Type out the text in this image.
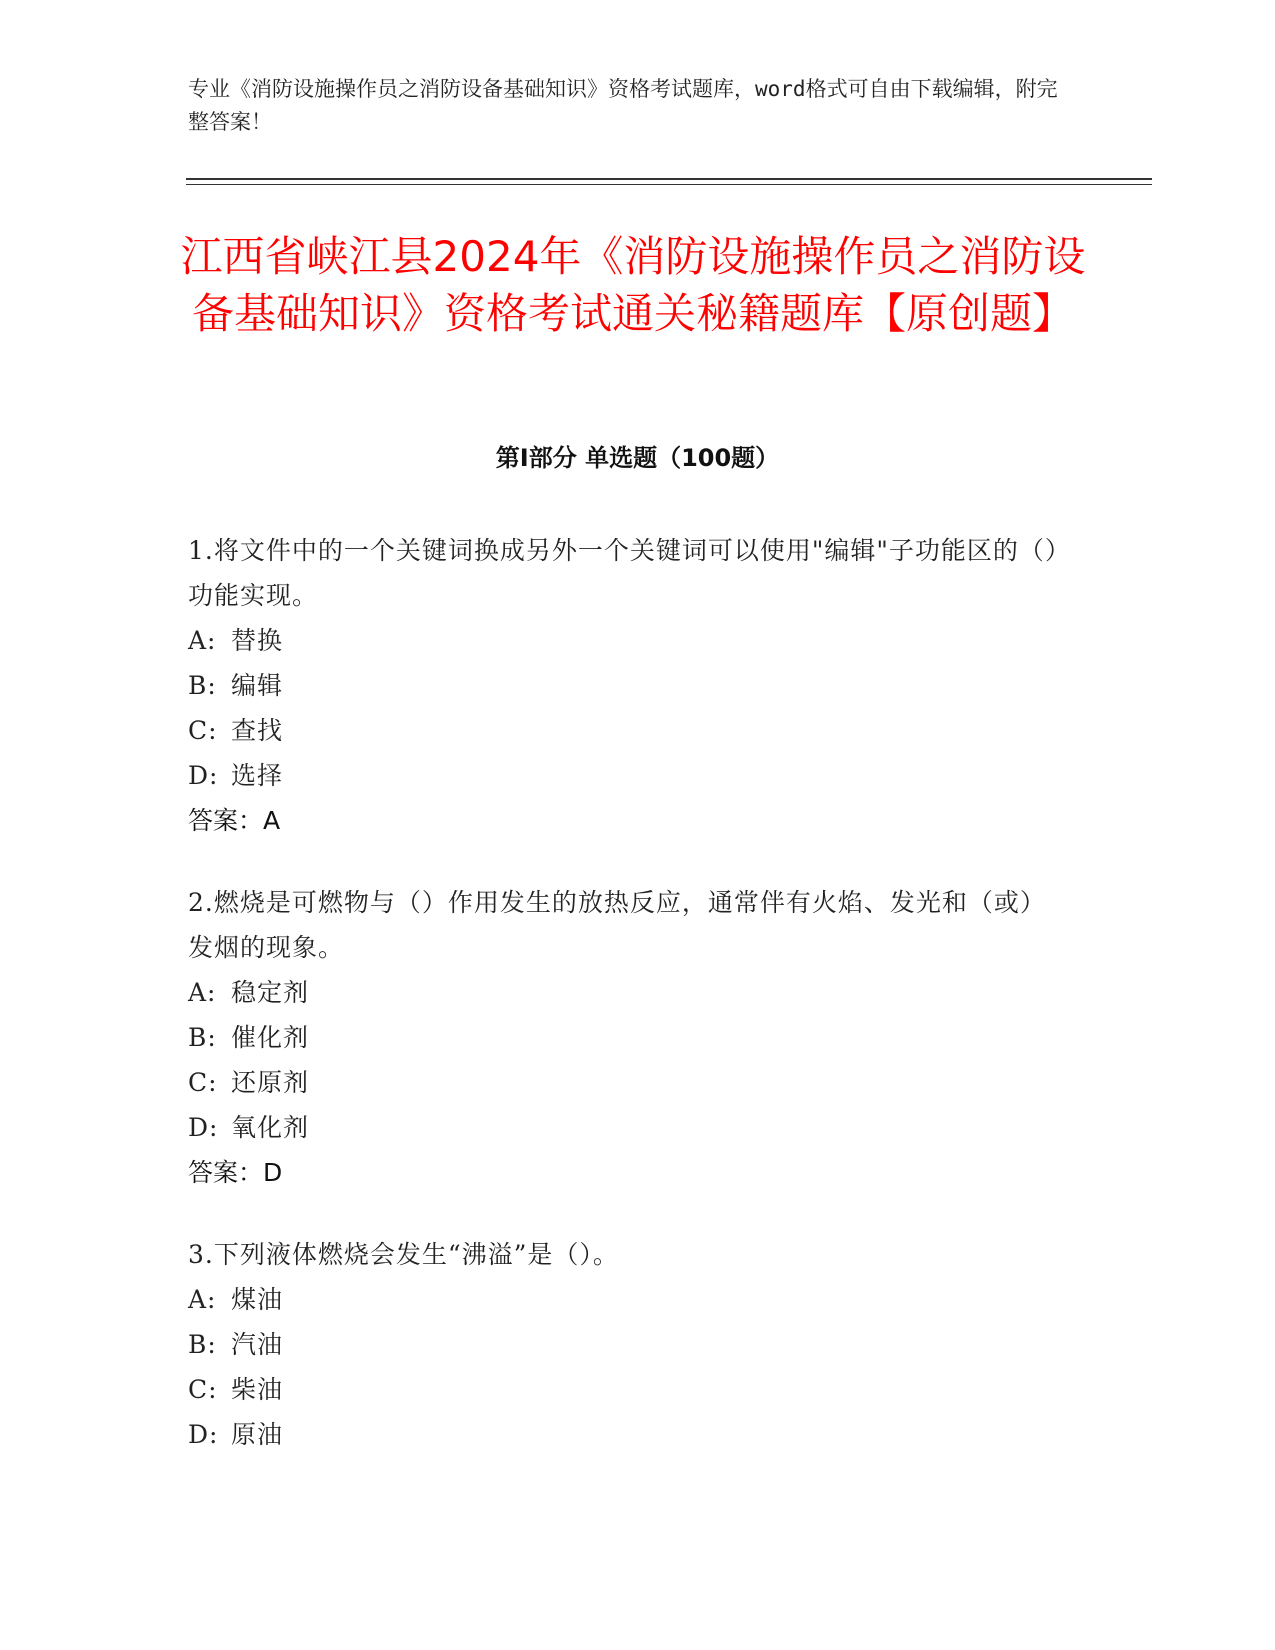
专业《消防设施操作员之消防设备基础知识》资格考试题库，word格式可自由下载编辑，附完整答案！
江西省峡江县2024年《消防设施操作员之消防设备基础知识》资格考试通关秘籍题库【原创题】
第I部分 单选题（100题）
1.将文件中的一个关键词换成另外一个关键词可以使用"编辑"子功能区的（）功能实现。
A: 替换
B: 编辑
C: 查找
D: 选择
答案：A
2.燃烧是可燃物与（）作用发生的放热反应，通常伴有火焰、发光和（或）发烟的现象。
A: 稳定剂
B: 催化剂
C: 还原剂
D: 氧化剂
答案：D
3.下列液体燃烧会发生“沸溢”是（）。
A: 煤油
B: 汽油
C: 柴油
D: 原油
